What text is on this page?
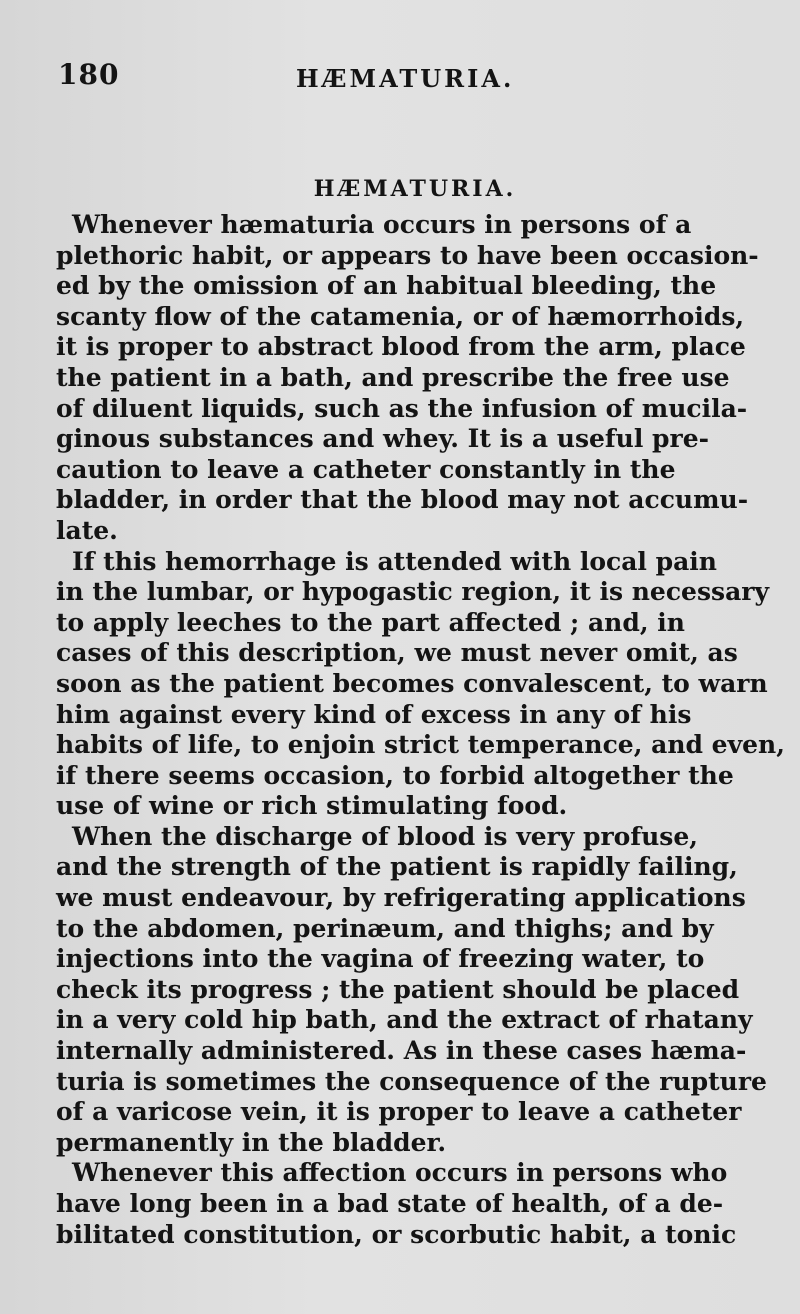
180	HÆMATURIA.
HÆMATURIA.
Whenever hæmaturia occurs in persons of a
plethoric habit, or appears to have been occasion-
ed by the omission of an habitual bleeding, the
scanty flow of the catamenia, or of hæmorrhoids,
it is proper to abstract blood from the arm, place
the patient in a bath, and prescribe the free use
of diluent liquids, such as the infusion of mucila-
ginous substances and whey. It is a useful pre-
caution to leave a catheter constantly in the
bladder, in order that the blood may not accumu-
late.
If this hemorrhage is attended with local pain
in the lumbar, or hypogastic region, it is necessary
to apply leeches to the part affected ; and, in
cases of this description, we must never omit, as
soon as the patient becomes convalescent, to warn
him against every kind of excess in any of his
habits of life, to enjoin strict temperance, and even,
if there seems occasion, to forbid altogether the
use of wine or rich stimulating food.
When the discharge of blood is very profuse,
and the strength of the patient is rapidly failing,
we must endeavour, by refrigerating applications
to the abdomen, perinæum, and thighs; and by
injections into the vagina of freezing water, to
check its progress ; the patient should be placed
in a very cold hip bath, and the extract of rhatany
internally administered. As in these cases hæma-
turia is sometimes the consequence of the rupture
of a varicose vein, it is proper to leave a catheter
permanently in the bladder.
Whenever this affection occurs in persons who
have long been in a bad state of health, of a de-
bilitated constitution, or scorbutic habit, a tonic
